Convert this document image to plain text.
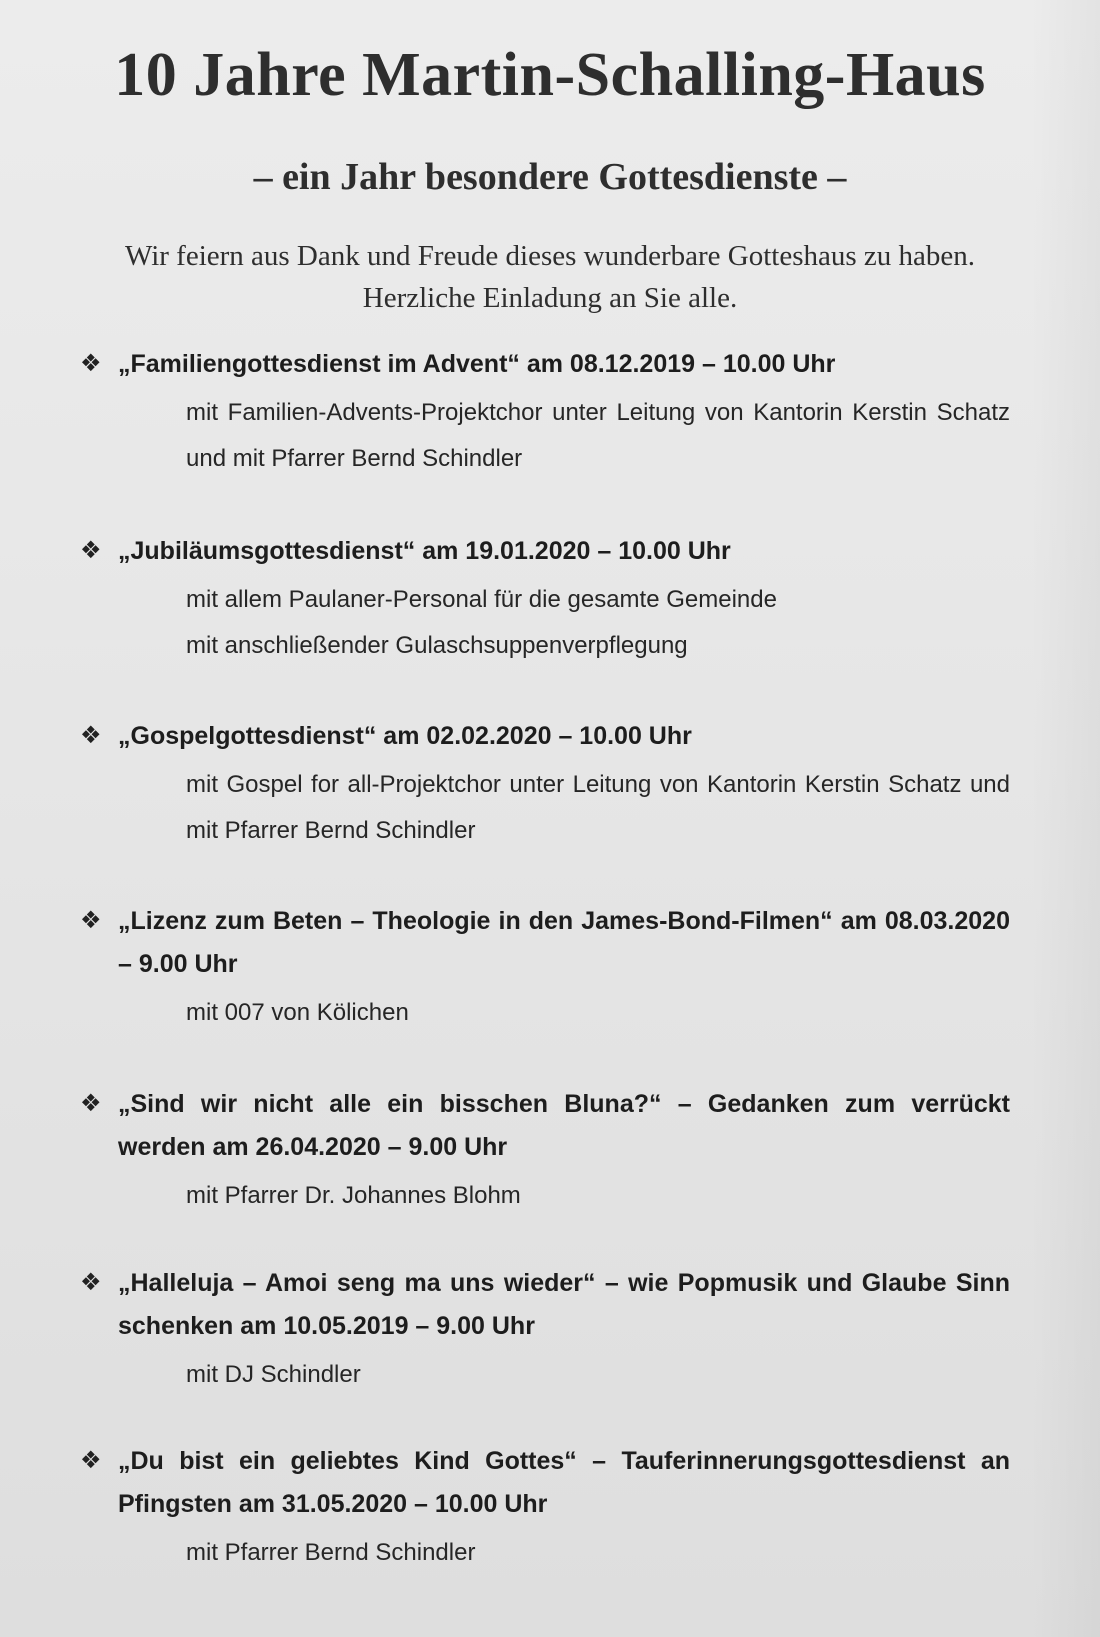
10 Jahre Martin-Schalling-Haus
– ein Jahr besondere Gottesdienste –

Wir feiern aus Dank und Freude dieses wunderbare Gotteshaus zu haben. Herzliche Einladung an Sie alle.

❖ „Familiengottesdienst im Advent“ am 08.12.2019 – 10.00 Uhr
mit Familien-Advents-Projektchor unter Leitung von Kantorin Kerstin Schatz und mit Pfarrer Bernd Schindler
❖ „Jubiläumsgottesdienst“ am 19.01.2020 – 10.00 Uhr
mit allem Paulaner-Personal für die gesamte Gemeinde
mit anschließender Gulaschsuppenverpflegung
❖ „Gospelgottesdienst“ am 02.02.2020 – 10.00 Uhr
mit Gospel for all-Projektchor unter Leitung von Kantorin Kerstin Schatz und mit Pfarrer Bernd Schindler
❖ „Lizenz zum Beten – Theologie in den James-Bond-Filmen“ am 08.03.2020 – 9.00 Uhr
mit 007 von Kölichen
❖ „Sind wir nicht alle ein bisschen Bluna?“ – Gedanken zum verrückt werden am 26.04.2020 – 9.00 Uhr
mit Pfarrer Dr. Johannes Blohm
❖ „Halleluja – Amoi seng ma uns wieder“ – wie Popmusik und Glaube Sinn schenken am 10.05.2019 – 9.00 Uhr
mit DJ Schindler
❖ „Du bist ein geliebtes Kind Gottes“ – Tauferinnerungsgottesdienst an Pfingsten am 31.05.2020 – 10.00 Uhr
mit Pfarrer Bernd Schindler
